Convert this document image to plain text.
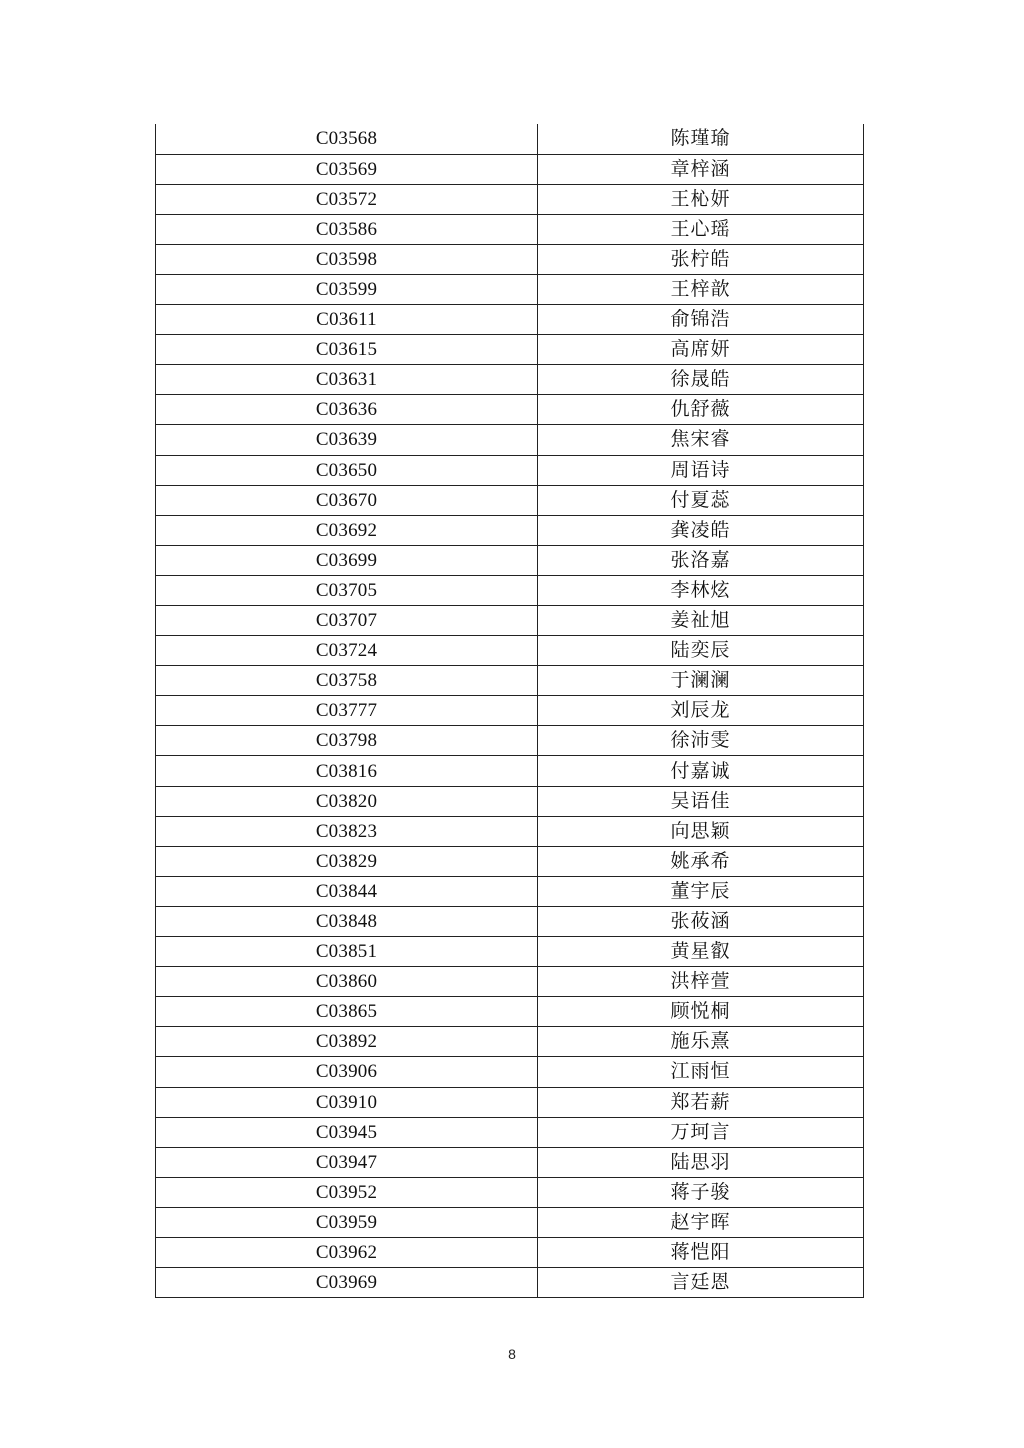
C03568	陈瑾瑜
C03569	章梓涵
C03572	王杺妍
C03586	王心瑶
C03598	张柠皓
C03599	王梓歆
C03611	俞锦浩
C03615	高席妍
C03631	徐晟皓
C03636	仇舒薇
C03639	焦宋睿
C03650	周语诗
C03670	付夏蕊
C03692	龚凌皓
C03699	张洛嘉
C03705	李林炫
C03707	姜祉旭
C03724	陆奕辰
C03758	于澜澜
C03777	刘辰龙
C03798	徐沛雯
C03816	付嘉诚
C03820	吴语佳
C03823	向思颖
C03829	姚承希
C03844	董宇辰
C03848	张莜涵
C03851	黄星叡
C03860	洪梓萱
C03865	顾悦桐
C03892	施乐熹
C03906	江雨恒
C03910	郑若薪
C03945	万珂言
C03947	陆思羽
C03952	蒋子骏
C03959	赵宇晖
C03962	蒋恺阳
C03969	言廷恩
8
